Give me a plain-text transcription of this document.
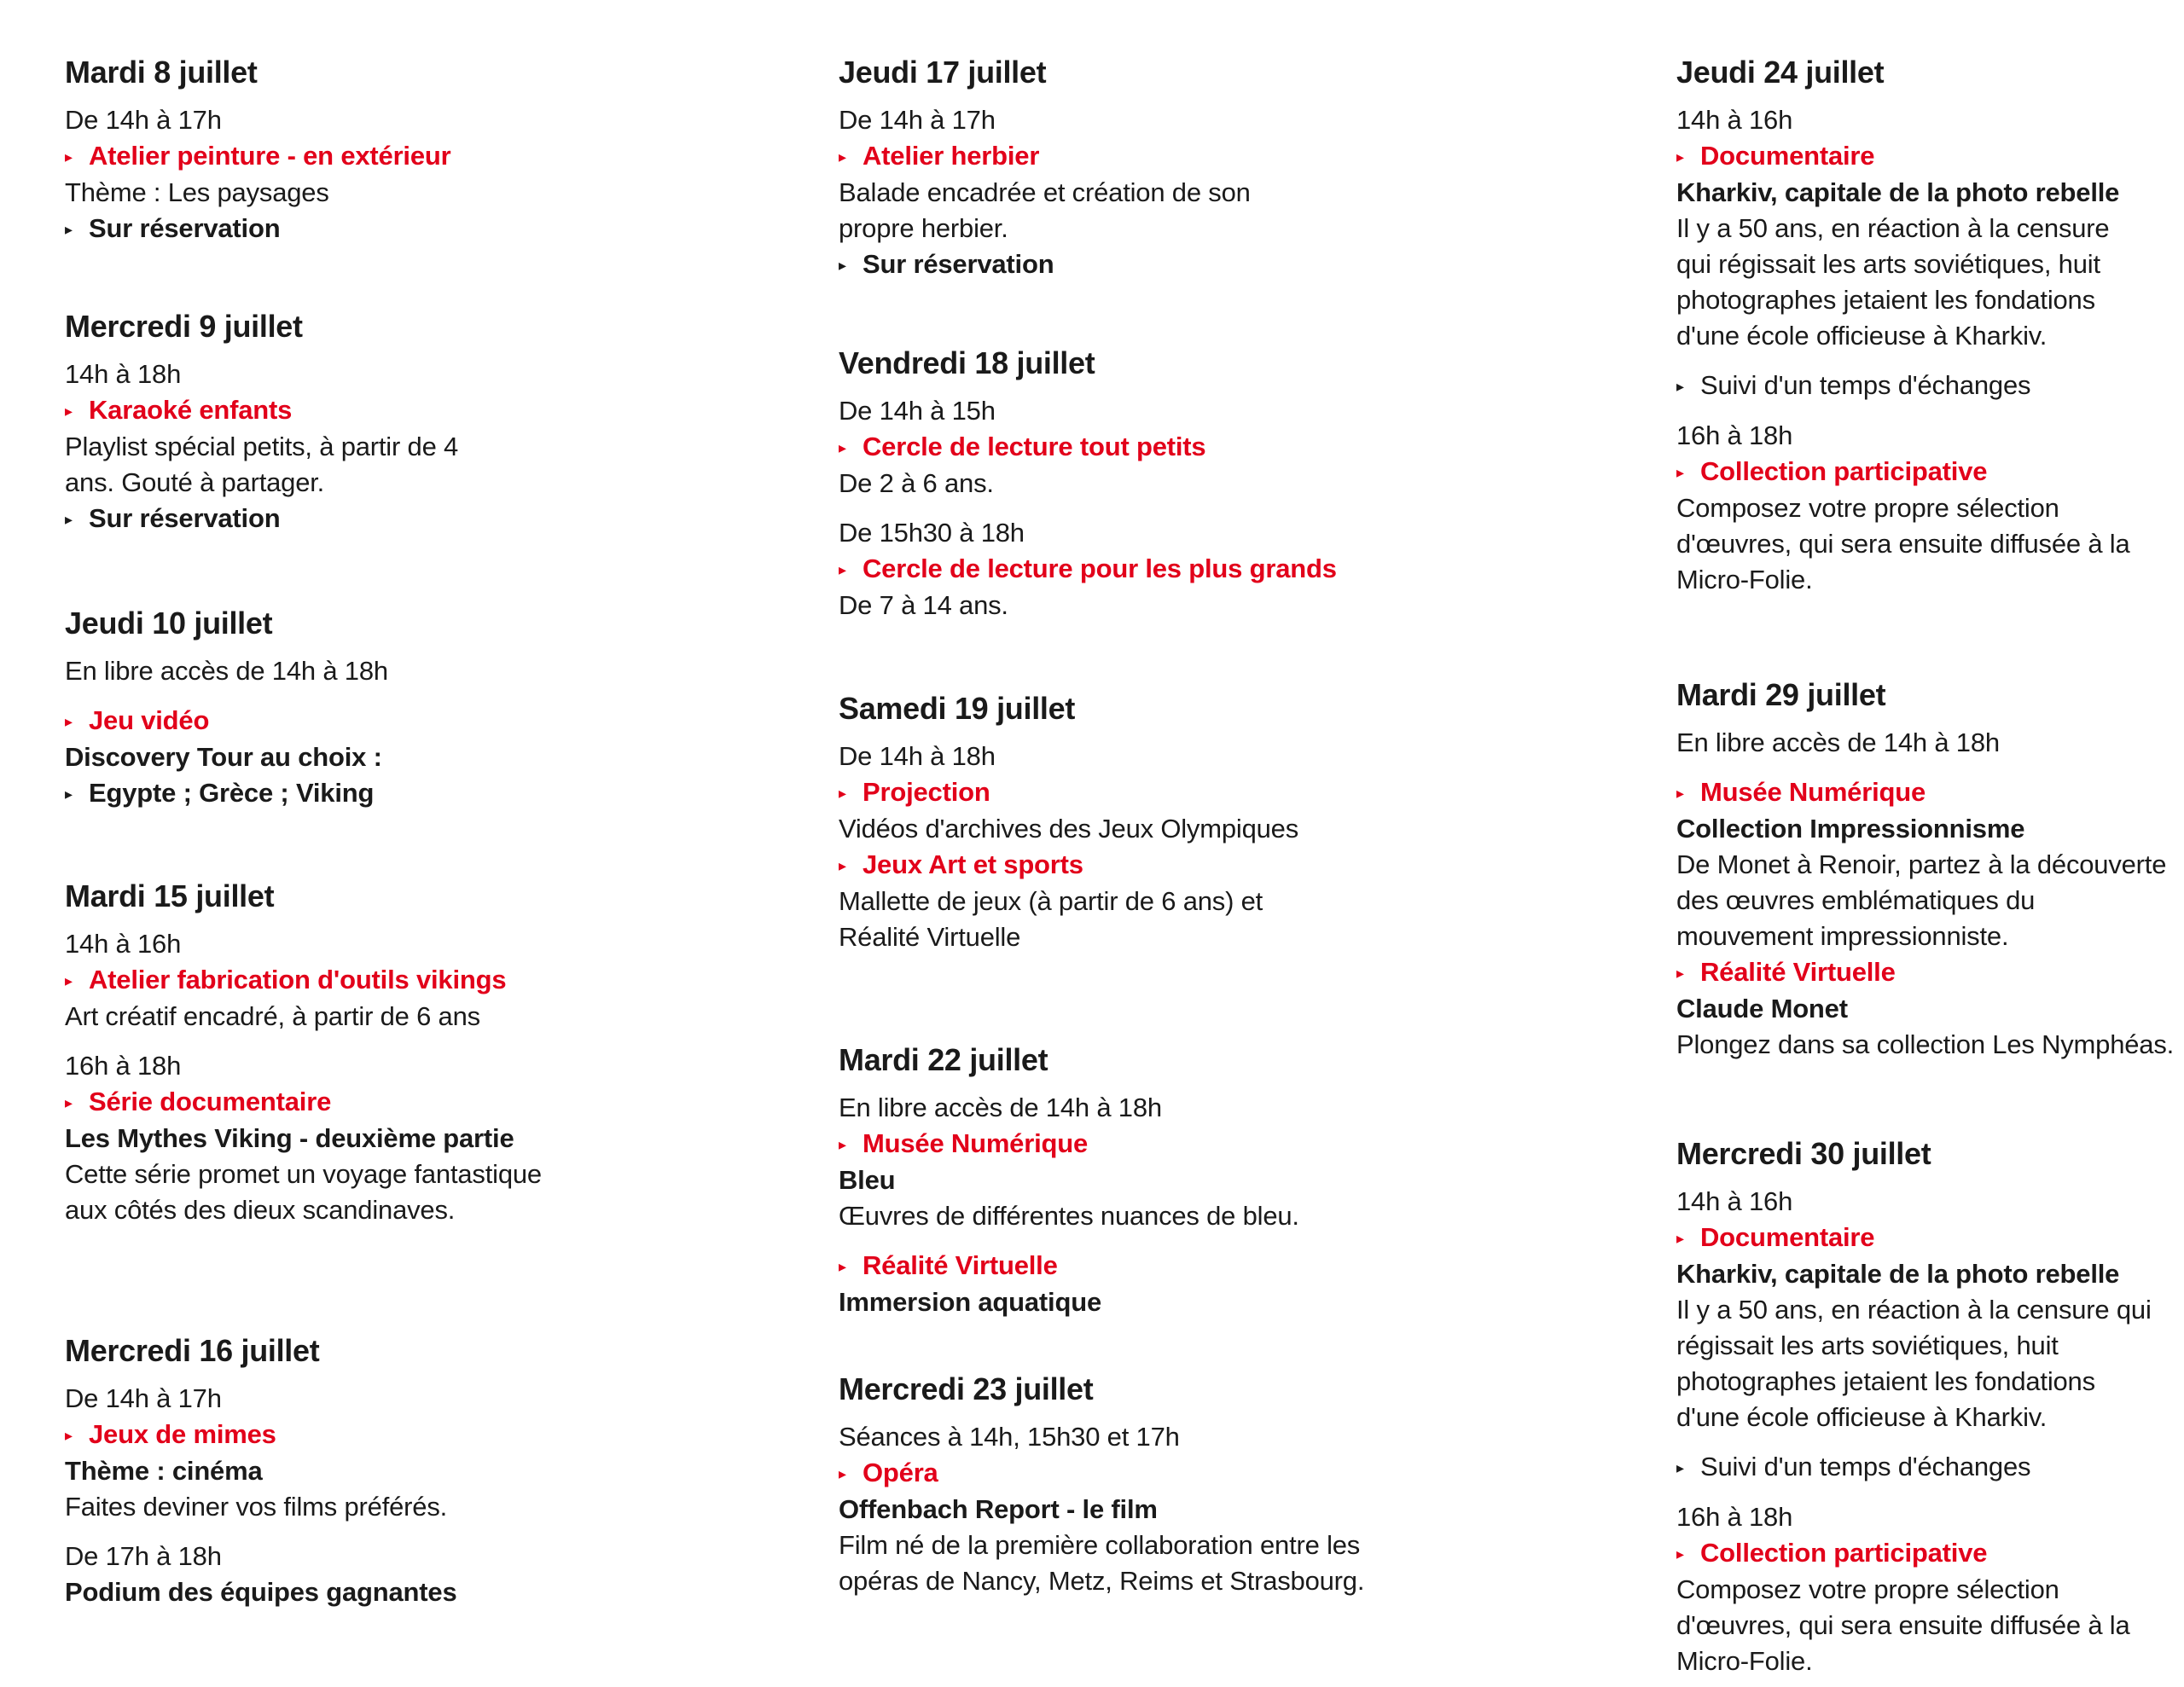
Mardi 8 juillet
De 14h à 17h
▸ Atelier peinture - en extérieur
Thème : Les paysages
▸ Sur réservation
Mercredi 9 juillet
14h à 18h
▸ Karaoké enfants
Playlist spécial petits, à partir de 4
ans. Gouté à partager.
▸ Sur réservation
Jeudi 10 juillet
En libre accès de 14h à 18h
▸ Jeu vidéo
Discovery Tour au choix :
▸ Egypte ; Grèce ; Viking
Mardi 15 juillet
14h à 16h
▸ Atelier fabrication d'outils vikings
Art créatif encadré, à partir de 6 ans
16h à 18h
▸ Série documentaire
Les Mythes Viking - deuxième partie
Cette série promet un voyage fantastique
aux côtés des dieux scandinaves.
Mercredi 16 juillet
De 14h à 17h
▸ Jeux de mimes
Thème : cinéma
Faites deviner vos films préférés.
De 17h à 18h
Podium des équipes gagnantes
Jeudi 17 juillet
De 14h à 17h
▸ Atelier herbier
Balade encadrée et création de son
propre herbier.
▸ Sur réservation
Vendredi 18 juillet
De 14h à 15h
▸ Cercle de lecture tout petits
De 2 à 6 ans.
De 15h30 à 18h
▸ Cercle de lecture pour les plus grands
De 7 à 14 ans.
Samedi 19 juillet
De 14h à 18h
▸ Projection
Vidéos d'archives des Jeux Olympiques
▸ Jeux Art et sports
Mallette de jeux (à partir de 6 ans) et
Réalité Virtuelle
Mardi 22 juillet
En libre accès de 14h à 18h
▸ Musée Numérique
Bleu
Œuvres de différentes nuances de bleu.
▸ Réalité Virtuelle
Immersion aquatique
Mercredi 23 juillet
Séances à 14h, 15h30 et 17h
▸ Opéra
Offenbach Report - le film
Film né de la première collaboration entre les
opéras de Nancy, Metz, Reims et Strasbourg.
Jeudi 24 juillet
14h à 16h
▸ Documentaire
Kharkiv, capitale de la photo rebelle
Il y a 50 ans, en réaction à la censure
qui régissait les arts soviétiques, huit
photographes jetaient les fondations
d'une école officieuse à Kharkiv.
▸ Suivi d'un temps d'échanges
16h à 18h
▸ Collection participative
Composez votre propre sélection
d'œuvres, qui sera ensuite diffusée à la
Micro-Folie.
Mardi 29 juillet
En libre accès de 14h à 18h
▸ Musée Numérique
Collection Impressionnisme
De Monet à Renoir, partez à la découverte
des œuvres emblématiques du
mouvement impressionniste.
▸ Réalité Virtuelle
Claude Monet
Plongez dans sa collection Les Nymphéas.
Mercredi 30 juillet
14h à 16h
▸ Documentaire
Kharkiv, capitale de la photo rebelle
Il y a 50 ans, en réaction à la censure qui
régissait les arts soviétiques, huit
photographes jetaient les fondations
d'une école officieuse à Kharkiv.
▸ Suivi d'un temps d'échanges
16h à 18h
▸ Collection participative
Composez votre propre sélection
d'œuvres, qui sera ensuite diffusée à la
Micro-Folie.
